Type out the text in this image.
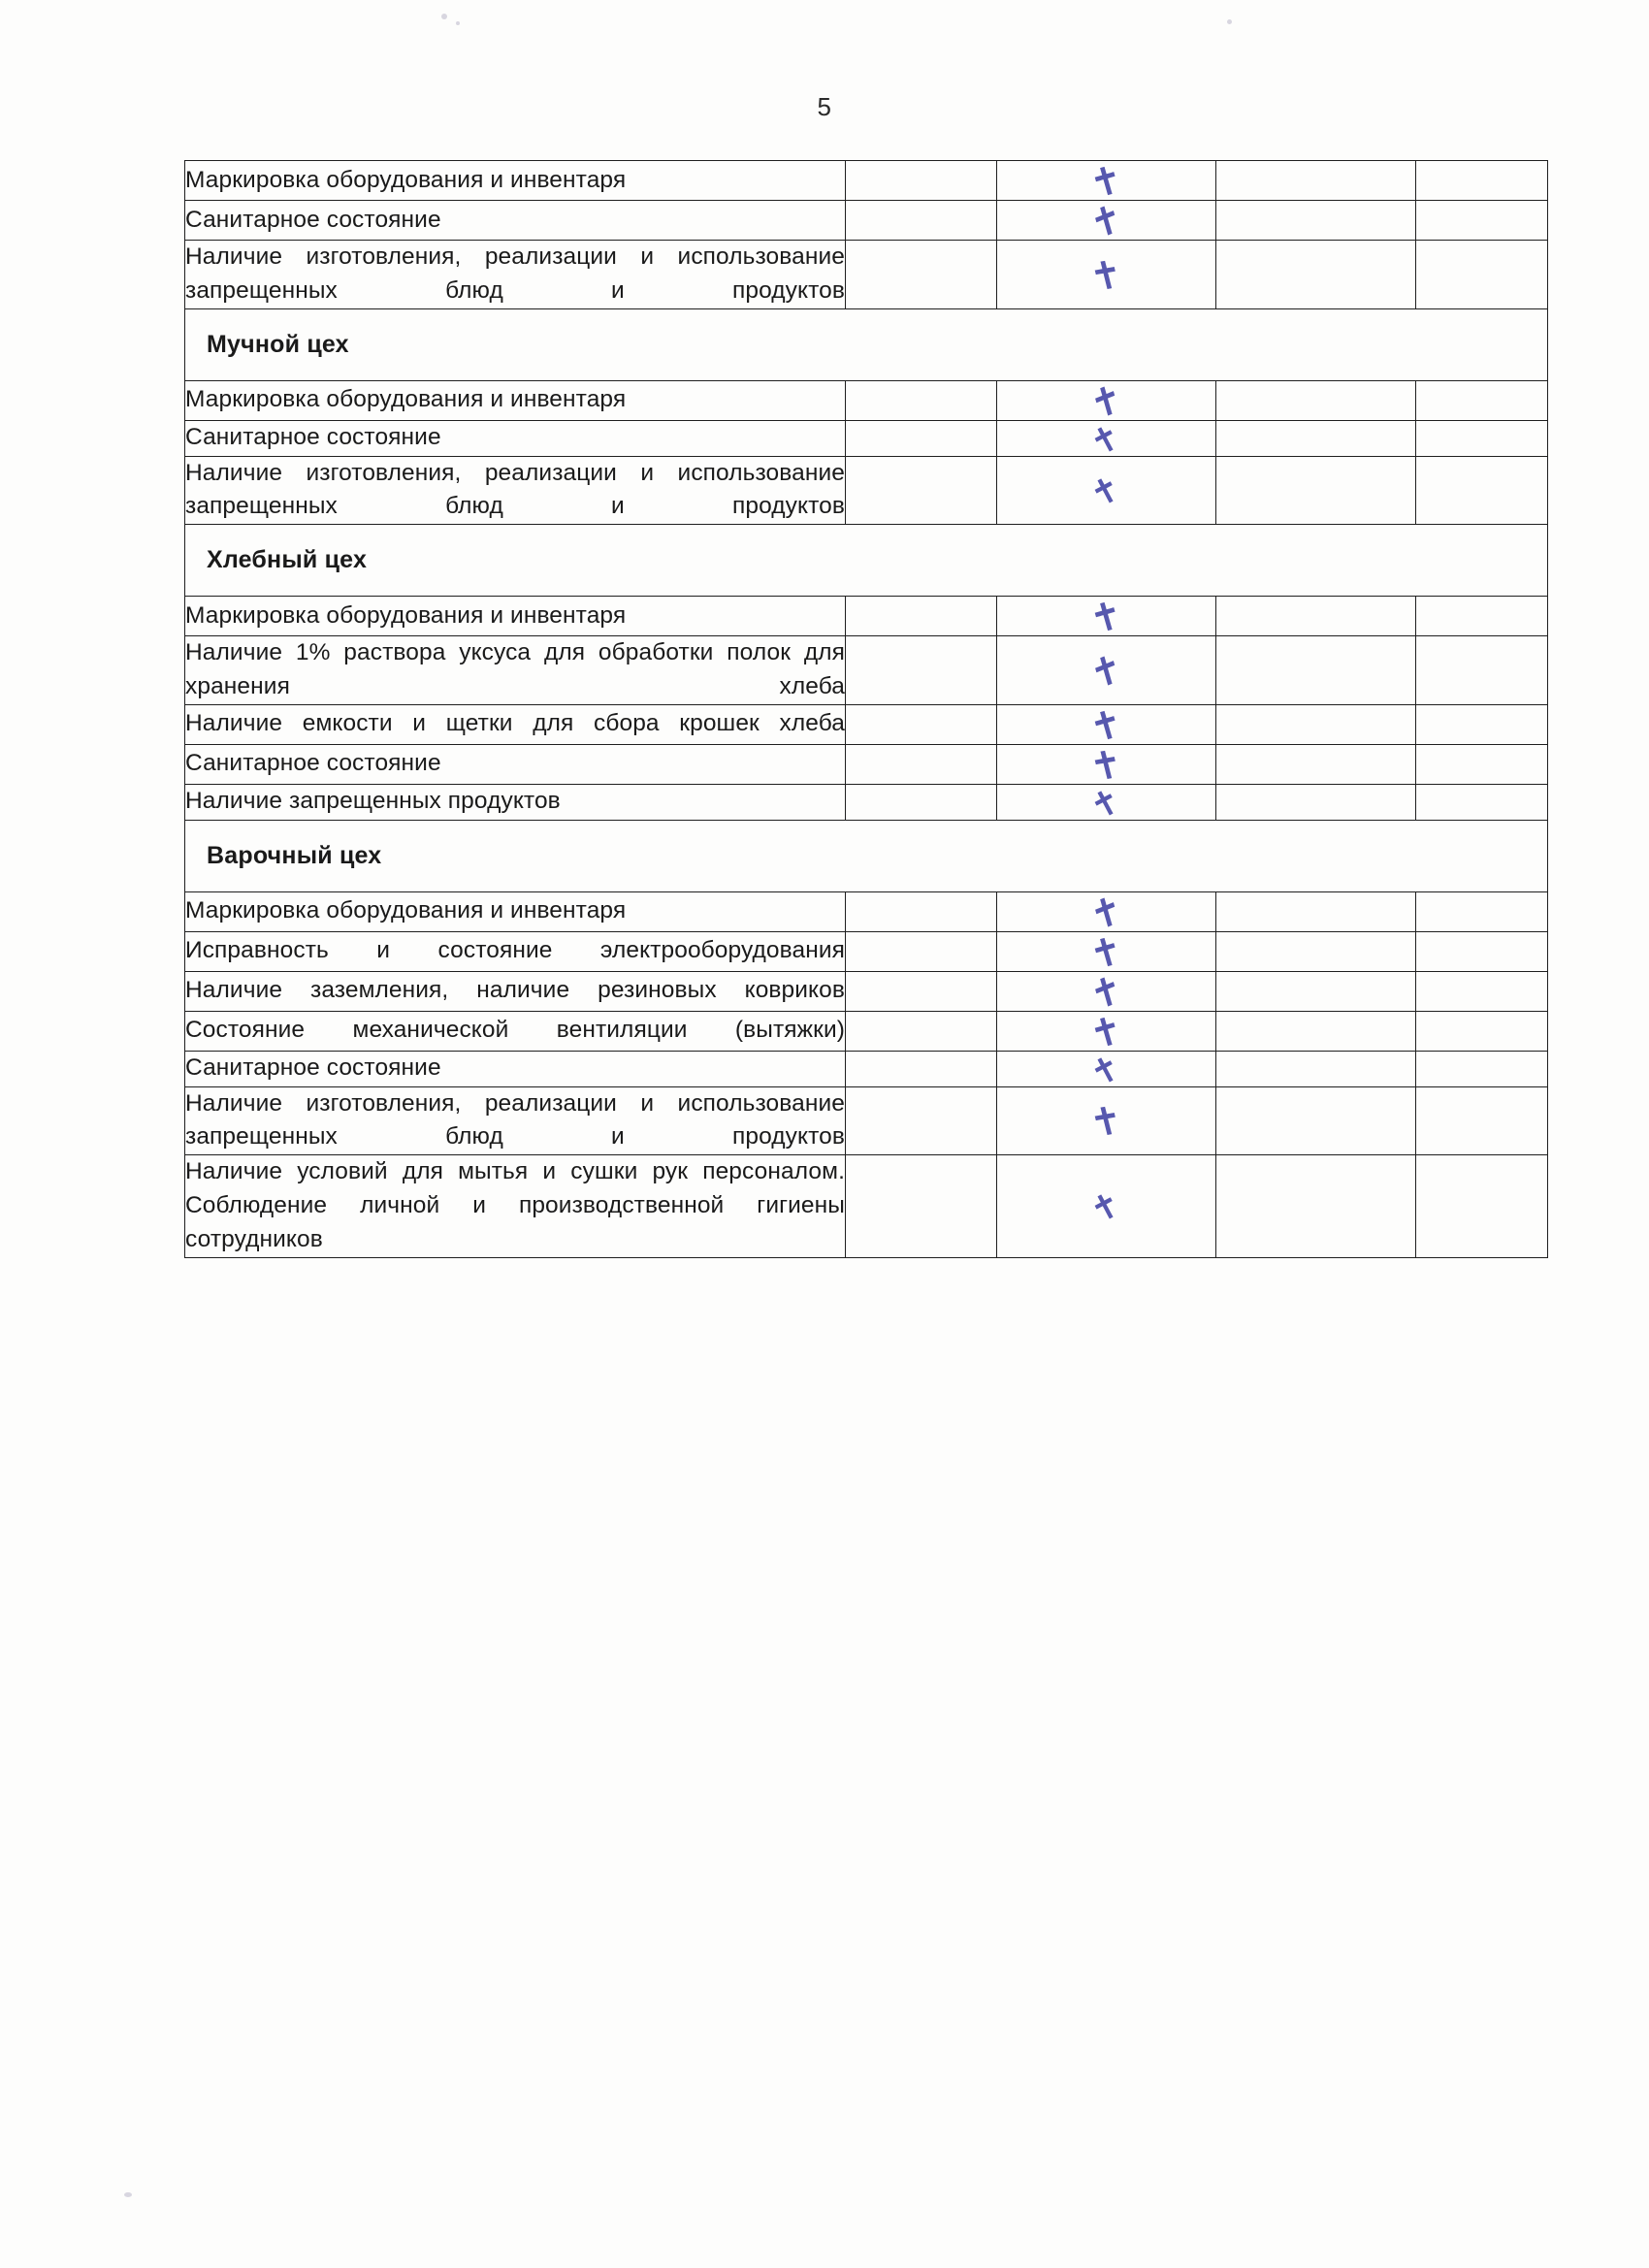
5
Маркировка оборудования и инвентаря		✝		
Санитарное состояние		✝		
Наличие изготовления, реализации и использование запрещенных блюд и продуктов		✝		
Мучной цех				
Маркировка оборудования и инвентаря		✝		
Санитарное состояние		✝		
Наличие изготовления, реализации и использование запрещенных блюд и продуктов		✝		
Хлебный цех				
Маркировка оборудования и инвентаря		✝		
Наличие 1% раствора уксуса для обработки полок для хранения хлеба		✝		
Наличие емкости и щетки для сбора крошек хлеба		✝		
Санитарное состояние		✝		
Наличие запрещенных продуктов		✝		
Варочный цех				
Маркировка оборудования и инвентаря		✝		
Исправность и состояние электрооборудования		✝		
Наличие заземления, наличие резиновых ковриков		✝		
Состояние механической вентиляции (вытяжки)		✝		
Санитарное состояние		✝		
Наличие изготовления, реализации и использование запрещенных блюд и продуктов		✝		
Наличие условий для мытья и сушки рук персоналом. Соблюдение личной и производственной гигиены сотрудников		✝		
